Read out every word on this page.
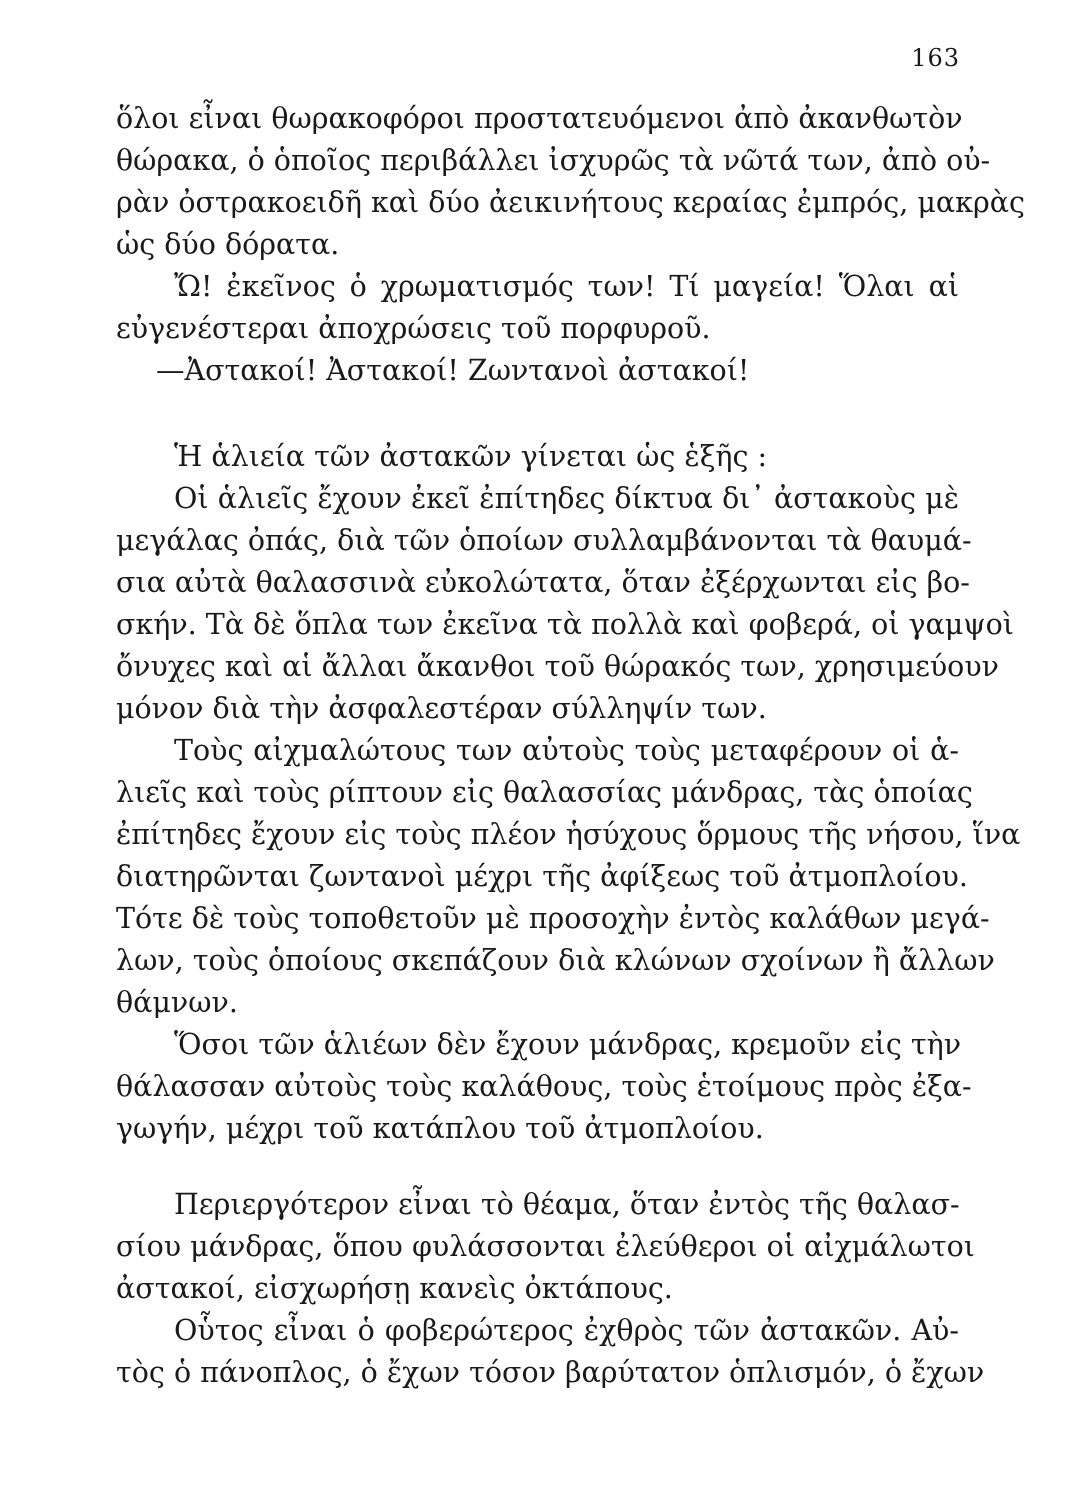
163
ὅλοι εἶναι θωρακοφόροι προστατευόμενοι ἀπὸ ἀκανθωτὸν
θώρακα, ὁ ὁποῖος περιβάλλει ἰσχυρῶς τὰ νῶτά των, ἀπὸ οὐ-
ρὰν ὀστρακοειδῆ καὶ δύο ἀεικινήτους κεραίας ἐμπρός, μακρὰς
ὡς δύο δόρατα.
Ὤ! ἐκεῖνος ὁ χρωματισμός των! Τί μαγεία! Ὅλαι αἱ
εὐγενέστεραι ἀποχρώσεις τοῦ πορφυροῦ.
—Ἀστακοί! Ἀστακοί! Ζωντανοὶ ἀστακοί!
Ἡ ἁλιεία τῶν ἀστακῶν γίνεται ὡς ἑξῆς :
Οἱ ἁλιεῖς ἔχουν ἐκεῖ ἐπίτηδες δίκτυα δι᾿ ἀστακοὺς μὲ
μεγάλας ὀπάς, διὰ τῶν ὁποίων συλλαμβάνονται τὰ θαυμά-
σια αὐτὰ θαλασσινὰ εὐκολώτατα, ὅταν ἐξέρχωνται εἰς βο-
σκήν. Τὰ δὲ ὅπλα των ἐκεῖνα τὰ πολλὰ καὶ φοβερά, οἱ γαμψοὶ
ὄνυχες καὶ αἱ ἄλλαι ἄκανθοι τοῦ θώρακός των, χρησιμεύουν
μόνον διὰ τὴν ἀσφαλεστέραν σύλληψίν των.
Τοὺς αἰχμαλώτους των αὐτοὺς τοὺς μεταφέρουν οἱ ἁ-
λιεῖς καὶ τοὺς ρίπτουν εἰς θαλασσίας μάνδρας, τὰς ὁποίας
ἐπίτηδες ἔχουν εἰς τοὺς πλέον ἡσύχους ὅρμους τῆς νήσου, ἵνα
διατηρῶνται ζωντανοὶ μέχρι τῆς ἀφίξεως τοῦ ἀτμοπλοίου.
Τότε δὲ τοὺς τοποθετοῦν μὲ προσοχὴν ἐντὸς καλάθων μεγά-
λων, τοὺς ὁποίους σκεπάζουν διὰ κλώνων σχοίνων ἢ ἄλλων
θάμνων.
Ὅσοι τῶν ἁλιέων δὲν ἔχουν μάνδρας, κρεμοῦν εἰς τὴν
θάλασσαν αὐτοὺς τοὺς καλάθους, τοὺς ἑτοίμους πρὸς ἐξα-
γωγήν, μέχρι τοῦ κατάπλου τοῦ ἀτμοπλοίου.
Περιεργότερον εἶναι τὸ θέαμα, ὅταν ἐντὸς τῆς θαλασ-
σίου μάνδρας, ὅπου φυλάσσονται ἐλεύθεροι οἱ αἰχμάλωτοι
ἀστακοί, εἰσχωρήσῃ κανεὶς ὀκτάπους.
Οὗτος εἶναι ὁ φοβερώτερος ἐχθρὸς τῶν ἀστακῶν. Αὐ-
τὸς ὁ πάνοπλος, ὁ ἔχων τόσον βαρύτατον ὁπλισμόν, ὁ ἔχων
